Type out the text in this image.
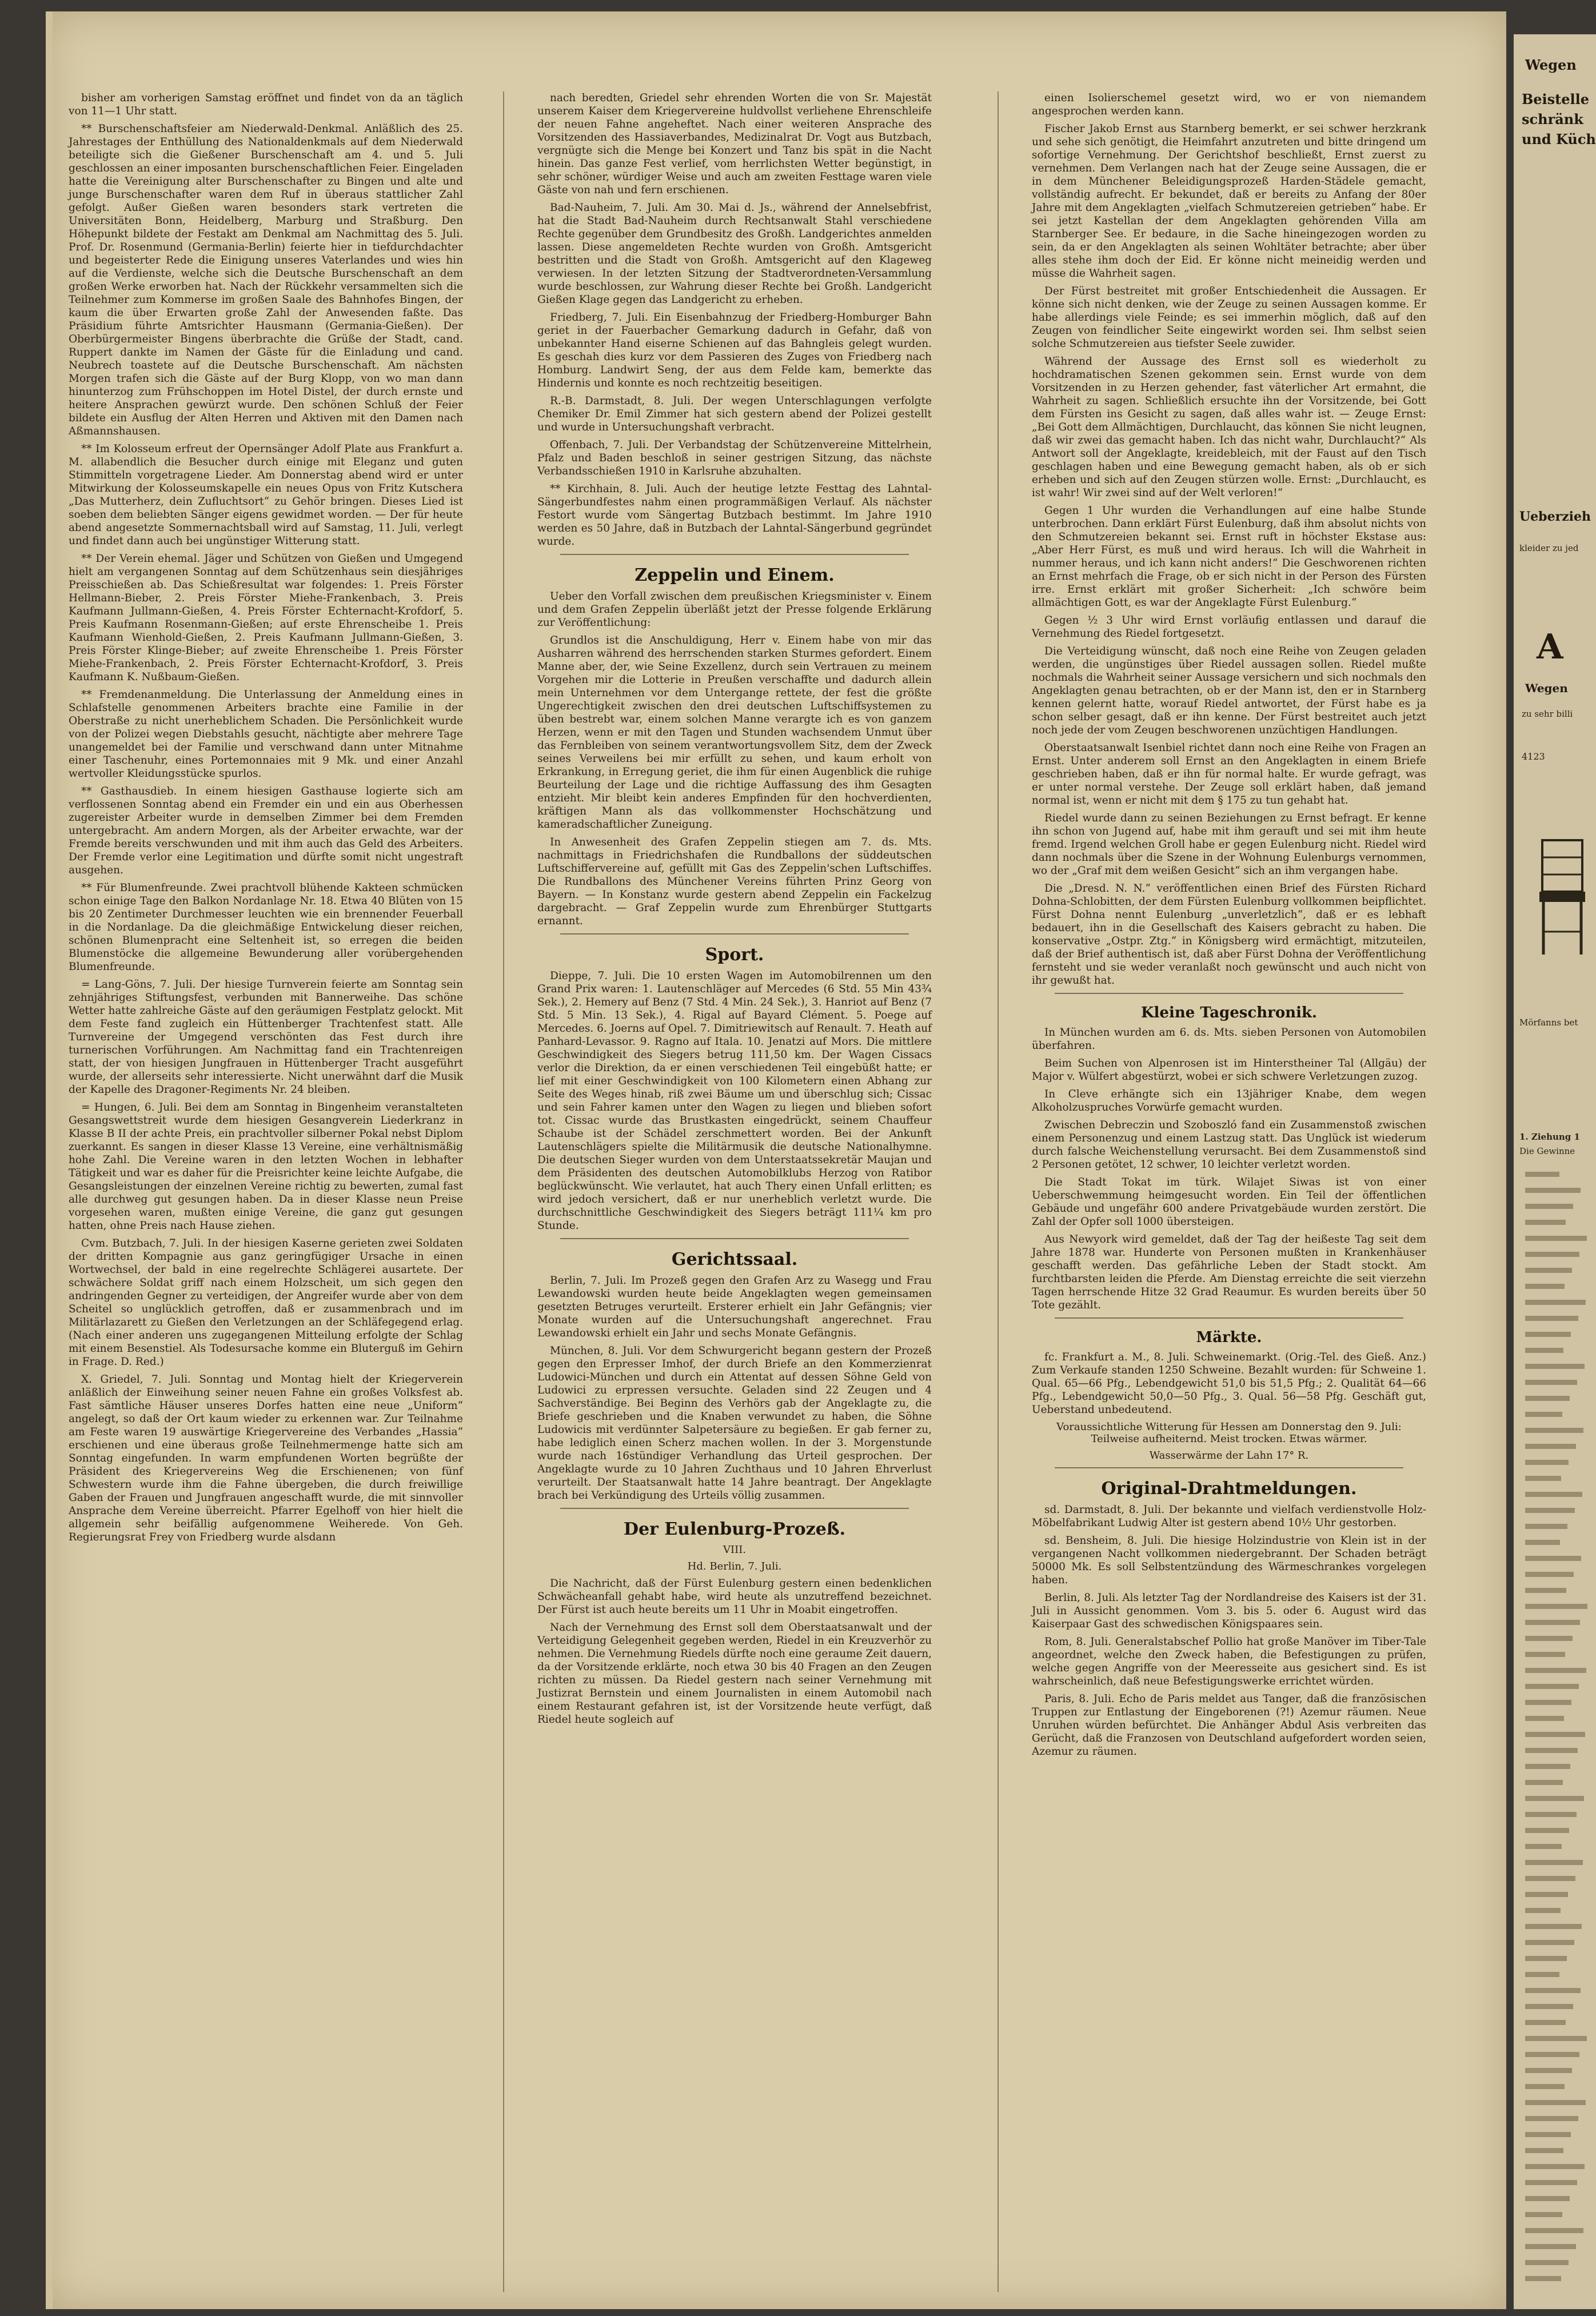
bisher am vorherigen Samstag eröffnet und findet von da an täglich von 11—1 Uhr statt.

** Burschenschaftsfeier am Niederwald-Denkmal. Anläßlich des 25. Jahrestages der Enthüllung des Nationaldenkmals auf dem Niederwald beteiligte sich die Gießener Burschenschaft am 4. und 5. Juli geschlossen an einer imposanten burschenschaftlichen Feier. Eingeladen hatte die Vereinigung alter Burschenschafter zu Bingen und alte und junge Burschenschafter waren dem Ruf in überaus stattlicher Zahl gefolgt. Außer Gießen waren besonders stark vertreten die Universitäten Bonn, Heidelberg, Marburg und Straßburg. Den Höhepunkt bildete der Festakt am Denkmal am Nachmittag des 5. Juli. Prof. Dr. Rosenmund (Germania-Berlin) feierte hier in tiefdurchdachter und begeisterter Rede die Einigung unseres Vaterlandes und wies hin auf die Verdienste, welche sich die Deutsche Burschenschaft an dem großen Werke erworben hat. Nach der Rückkehr versammelten sich die Teilnehmer zum Kommerse im großen Saale des Bahnhofes Bingen, der kaum die über Erwarten große Zahl der Anwesenden faßte. Das Präsidium führte Amtsrichter Hausmann (Germania-Gießen). Der Oberbürgermeister Bingens überbrachte die Grüße der Stadt, cand. Ruppert dankte im Namen der Gäste für die Einladung und cand. Neubrech toastete auf die Deutsche Burschenschaft. Am nächsten Morgen trafen sich die Gäste auf der Burg Klopp, von wo man dann hinunterzog zum Frühschoppen im Hotel Distel, der durch ernste und heitere Ansprachen gewürzt wurde. Den schönen Schluß der Feier bildete ein Ausflug der Alten Herren und Aktiven mit den Damen nach Aßmannshausen.

** Im Kolosseum erfreut der Opernsänger Adolf Plate aus Frankfurt a. M. allabendlich die Besucher durch einige mit Eleganz und guten Stimmitteln vorgetragene Lieder. Am Donnerstag abend wird er unter Mitwirkung der Kolosseumskapelle ein neues Opus von Fritz Kutschera „Das Mutterherz, dein Zufluchtsort“ zu Gehör bringen. Dieses Lied ist soeben dem beliebten Sänger eigens gewidmet worden. — Der für heute abend angesetzte Sommernachtsball wird auf Samstag, 11. Juli, verlegt und findet dann auch bei ungünstiger Witterung statt.

** Der Verein ehemal. Jäger und Schützen von Gießen und Umgegend hielt am vergangenen Sonntag auf dem Schützenhaus sein diesjähriges Preisschießen ab. Das Schießresultat war folgendes: 1. Preis Förster Hellmann-Bieber, 2. Preis Förster Miehe-Frankenbach, 3. Preis Kaufmann Jullmann-Gießen, 4. Preis Förster Echternacht-Krofdorf, 5. Preis Kaufmann Rosenmann-Gießen; auf erste Ehrenscheibe 1. Preis Kaufmann Wienhold-Gießen, 2. Preis Kaufmann Jullmann-Gießen, 3. Preis Förster Klinge-Bieber; auf zweite Ehrenscheibe 1. Preis Förster Miehe-Frankenbach, 2. Preis Förster Echternacht-Krofdorf, 3. Preis Kaufmann K. Nußbaum-Gießen.

** Fremdenanmeldung. Die Unterlassung der Anmeldung eines in Schlafstelle genommenen Arbeiters brachte eine Familie in der Oberstraße zu nicht unerheblichem Schaden. Die Persönlichkeit wurde von der Polizei wegen Diebstahls gesucht, nächtigte aber mehrere Tage unangemeldet bei der Familie und verschwand dann unter Mitnahme einer Taschenuhr, eines Portemonnaies mit 9 Mk. und einer Anzahl wertvoller Kleidungsstücke spurlos.

** Gasthausdieb. In einem hiesigen Gasthause logierte sich am verflossenen Sonntag abend ein Fremder ein und ein aus Oberhessen zugereister Arbeiter wurde in demselben Zimmer bei dem Fremden untergebracht. Am andern Morgen, als der Arbeiter erwachte, war der Fremde bereits verschwunden und mit ihm auch das Geld des Arbeiters. Der Fremde verlor eine Legitimation und dürfte somit nicht ungestraft ausgehen.

** Für Blumenfreunde. Zwei prachtvoll blühende Kakteen schmücken schon einige Tage den Balkon Nordanlage Nr. 18. Etwa 40 Blüten von 15 bis 20 Zentimeter Durchmesser leuchten wie ein brennender Feuerball in die Nordanlage. Da die gleichmäßige Entwickelung dieser reichen, schönen Blumenpracht eine Seltenheit ist, so erregen die beiden Blumenstöcke die allgemeine Bewunderung aller vorübergehenden Blumenfreunde.

= Lang-Göns, 7. Juli. Der hiesige Turnverein feierte am Sonntag sein zehnjähriges Stiftungsfest, verbunden mit Bannerweihe. Das schöne Wetter hatte zahlreiche Gäste auf den geräumigen Festplatz gelockt. Mit dem Feste fand zugleich ein Hüttenberger Trachtenfest statt. Alle Turnvereine der Umgegend verschönten das Fest durch ihre turnerischen Vorführungen. Am Nachmittag fand ein Trachtenreigen statt, der von hiesigen Jungfrauen in Hüttenberger Tracht ausgeführt wurde, der allerseits sehr interessierte. Nicht unerwähnt darf die Musik der Kapelle des Dragoner-Regiments Nr. 24 bleiben.

= Hungen, 6. Juli. Bei dem am Sonntag in Bingenheim veranstalteten Gesangswettstreit wurde dem hiesigen Gesangverein Liederkranz in Klasse B II der achte Preis, ein prachtvoller silberner Pokal nebst Diplom zuerkannt. Es sangen in dieser Klasse 13 Vereine, eine verhältnismäßig hohe Zahl. Die Vereine waren in den letzten Wochen in lebhafter Tätigkeit und war es daher für die Preisrichter keine leichte Aufgabe, die Gesangsleistungen der einzelnen Vereine richtig zu bewerten, zumal fast alle durchweg gut gesungen haben. Da in dieser Klasse neun Preise vorgesehen waren, mußten einige Vereine, die ganz gut gesungen hatten, ohne Preis nach Hause ziehen.

Cvm. Butzbach, 7. Juli. In der hiesigen Kaserne gerieten zwei Soldaten der dritten Kompagnie aus ganz geringfügiger Ursache in einen Wortwechsel, der bald in eine regelrechte Schlägerei ausartete. Der schwächere Soldat griff nach einem Holzscheit, um sich gegen den andringenden Gegner zu verteidigen, der Angreifer wurde aber von dem Scheitel so unglücklich getroffen, daß er zusammenbrach und im Militärlazarett zu Gießen den Verletzungen an der Schläfegegend erlag. (Nach einer anderen uns zugegangenen Mitteilung erfolgte der Schlag mit einem Besenstiel. Als Todesursache komme ein Bluterguß im Gehirn in Frage. D. Red.)

X. Griedel, 7. Juli. Sonntag und Montag hielt der Kriegerverein anläßlich der Einweihung seiner neuen Fahne ein großes Volksfest ab. Fast sämtliche Häuser unseres Dorfes hatten eine neue „Uniform“ angelegt, so daß der Ort kaum wieder zu erkennen war. Zur Teilnahme am Feste waren 19 auswärtige Kriegervereine des Verbandes „Hassia“ erschienen und eine überaus große Teilnehmermenge hatte sich am Sonntag eingefunden. In warm empfundenen Worten begrüßte der Präsident des Kriegervereins Weg die Erschienenen; von fünf Schwestern wurde ihm die Fahne übergeben, die durch freiwillige Gaben der Frauen und Jungfrauen angeschafft wurde, die mit sinnvoller Ansprache dem Vereine überreicht. Pfarrer Egelhoff von hier hielt die allgemein sehr beifällig aufgenommene Weiherede. Von Geh. Regierungsrat Frey von Friedberg wurde alsdann

nach beredten, Griedel sehr ehrenden Worten die von Sr. Majestät unserem Kaiser dem Kriegervereine huldvollst verliehene Ehrenschleife der neuen Fahne angeheftet. Nach einer weiteren Ansprache des Vorsitzenden des Hassiaverbandes, Medizinalrat Dr. Vogt aus Butzbach, vergnügte sich die Menge bei Konzert und Tanz bis spät in die Nacht hinein. Das ganze Fest verlief, vom herrlichsten Wetter begünstigt, in sehr schöner, würdiger Weise und auch am zweiten Festtage waren viele Gäste von nah und fern erschienen.

Bad-Nauheim, 7. Juli. Am 30. Mai d. Js., während der Annelsebfrist, hat die Stadt Bad-Nauheim durch Rechtsanwalt Stahl verschiedene Rechte gegenüber dem Grundbesitz des Großh. Landgerichtes anmelden lassen. Diese angemeldeten Rechte wurden von Großh. Amtsgericht bestritten und die Stadt von Großh. Amtsgericht auf den Klageweg verwiesen. In der letzten Sitzung der Stadtverordneten-Versammlung wurde beschlossen, zur Wahrung dieser Rechte bei Großh. Landgericht Gießen Klage gegen das Landgericht zu erheben.

Friedberg, 7. Juli. Ein Eisenbahnzug der Friedberg-Homburger Bahn geriet in der Fauerbacher Gemarkung dadurch in Gefahr, daß von unbekannter Hand eiserne Schienen auf das Bahngleis gelegt wurden. Es geschah dies kurz vor dem Passieren des Zuges von Friedberg nach Homburg. Landwirt Seng, der aus dem Felde kam, bemerkte das Hindernis und konnte es noch rechtzeitig beseitigen.

R.-B. Darmstadt, 8. Juli. Der wegen Unterschlagungen verfolgte Chemiker Dr. Emil Zimmer hat sich gestern abend der Polizei gestellt und wurde in Untersuchungshaft verbracht.

Offenbach, 7. Juli. Der Verbandstag der Schützenvereine Mittelrhein, Pfalz und Baden beschloß in seiner gestrigen Sitzung, das nächste Verbandsschießen 1910 in Karlsruhe abzuhalten.

** Kirchhain, 8. Juli. Auch der heutige letzte Festtag des Lahntal-Sängerbundfestes nahm einen programmäßigen Verlauf. Als nächster Festort wurde vom Sängertag Butzbach bestimmt. Im Jahre 1910 werden es 50 Jahre, daß in Butzbach der Lahntal-Sängerbund gegründet wurde.

Zeppelin und Einem.

Ueber den Vorfall zwischen dem preußischen Kriegsminister v. Einem und dem Grafen Zeppelin überläßt jetzt der Presse folgende Erklärung zur Veröffentlichung:

Grundlos ist die Anschuldigung, Herr v. Einem habe von mir das Ausharren während des herrschenden starken Sturmes gefordert. Einem Manne aber, der, wie Seine Exzellenz, durch sein Vertrauen zu meinem Vorgehen mir die Lotterie in Preußen verschaffte und dadurch allein mein Unternehmen vor dem Untergange rettete, der fest die größte Ungerechtigkeit zwischen den drei deutschen Luftschiffsystemen zu üben bestrebt war, einem solchen Manne verargte ich es von ganzem Herzen, wenn er mit den Tagen und Stunden wachsendem Unmut über das Fernbleiben von seinem verantwortungsvollem Sitz, dem der Zweck seines Verweilens bei mir erfüllt zu sehen, und kaum erholt von Erkrankung, in Erregung geriet, die ihm für einen Augenblick die ruhige Beurteilung der Lage und die richtige Auffassung des ihm Gesagten entzieht. Mir bleibt kein anderes Empfinden für den hochverdienten, kräftigen Mann als das vollkommenster Hochschätzung und kameradschaftlicher Zuneigung.

In Anwesenheit des Grafen Zeppelin stiegen am 7. ds. Mts. nachmittags in Friedrichshafen die Rundballons der süddeutschen Luftschiffervereine auf, gefüllt mit Gas des Zeppelin'schen Luftschiffes. Die Rundballons des Münchener Vereins führten Prinz Georg von Bayern. — In Konstanz wurde gestern abend Zeppelin ein Fackelzug dargebracht. — Graf Zeppelin wurde zum Ehrenbürger Stuttgarts ernannt.

Sport.

Dieppe, 7. Juli. Die 10 ersten Wagen im Automobilrennen um den Grand Prix waren: 1. Lautenschläger auf Mercedes (6 Std. 55 Min 43¾ Sek.), 2. Hemery auf Benz (7 Std. 4 Min. 24 Sek.), 3. Hanriot auf Benz (7 Std. 5 Min. 13 Sek.), 4. Rigal auf Bayard Clément. 5. Poege auf Mercedes. 6. Joerns auf Opel. 7. Dimitriewitsch auf Renault. 7. Heath auf Panhard-Levassor. 9. Ragno auf Itala. 10. Jenatzi auf Mors. Die mittlere Geschwindigkeit des Siegers betrug 111,50 km. Der Wagen Cissacs verlor die Direktion, da er einen verschiedenen Teil eingebüßt hatte; er lief mit einer Geschwindigkeit von 100 Kilometern einen Abhang zur Seite des Weges hinab, riß zwei Bäume um und überschlug sich; Cissac und sein Fahrer kamen unter den Wagen zu liegen und blieben sofort tot. Cissac wurde das Brustkasten eingedrückt, seinem Chauffeur Schaube ist der Schädel zerschmettert worden. Bei der Ankunft Lautenschlägers spielte die Militärmusik die deutsche Nationalhymne. Die deutschen Sieger wurden von dem Unterstaatssekretär Maujan und dem Präsidenten des deutschen Automobilklubs Herzog von Ratibor beglückwünscht. Wie verlautet, hat auch Thery einen Unfall erlitten; es wird jedoch versichert, daß er nur unerheblich verletzt wurde. Die durchschnittliche Geschwindigkeit des Siegers beträgt 111¼ km pro Stunde.

Gerichtssaal.

Berlin, 7. Juli. Im Prozeß gegen den Grafen Arz zu Wasegg und Frau Lewandowski wurden heute beide Angeklagten wegen gemeinsamen gesetzten Betruges verurteilt. Ersterer erhielt ein Jahr Gefängnis; vier Monate wurden auf die Untersuchungshaft angerechnet. Frau Lewandowski erhielt ein Jahr und sechs Monate Gefängnis.

München, 8. Juli. Vor dem Schwurgericht begann gestern der Prozeß gegen den Erpresser Imhof, der durch Briefe an den Kommerzienrat Ludowici-München und durch ein Attentat auf dessen Söhne Geld von Ludowici zu erpressen versuchte. Geladen sind 22 Zeugen und 4 Sachverständige. Bei Beginn des Verhörs gab der Angeklagte zu, die Briefe geschrieben und die Knaben verwundet zu haben, die Söhne Ludowicis mit verdünnter Salpetersäure zu begießen. Er gab ferner zu, habe lediglich einen Scherz machen wollen. In der 3. Morgenstunde wurde nach 16stündiger Verhandlung das Urteil gesprochen. Der Angeklagte wurde zu 10 Jahren Zuchthaus und 10 Jahren Ehrverlust verurteilt. Der Staatsanwalt hatte 14 Jahre beantragt. Der Angeklagte brach bei Verkündigung des Urteils völlig zusammen.

Der Eulenburg-Prozeß.
VIII.
Hd. Berlin, 7. Juli.

Die Nachricht, daß der Fürst Eulenburg gestern einen bedenklichen Schwächeanfall gehabt habe, wird heute als unzutreffend bezeichnet. Der Fürst ist auch heute bereits um 11 Uhr in Moabit eingetroffen.

Nach der Vernehmung des Ernst soll dem Oberstaatsanwalt und der Verteidigung Gelegenheit gegeben werden, Riedel in ein Kreuzverhör zu nehmen. Die Vernehmung Riedels dürfte noch eine geraume Zeit dauern, da der Vorsitzende erklärte, noch etwa 30 bis 40 Fragen an den Zeugen richten zu müssen. Da Riedel gestern nach seiner Vernehmung mit Justizrat Bernstein und einem Journalisten in einem Automobil nach einem Restaurant gefahren ist, ist der Vorsitzende heute verfügt, daß Riedel heute sogleich auf

einen Isolierschemel gesetzt wird, wo er von niemandem angesprochen werden kann.

Fischer Jakob Ernst aus Starnberg bemerkt, er sei schwer herzkrank und sehe sich genötigt, die Heimfahrt anzutreten und bitte dringend um sofortige Vernehmung. Der Gerichtshof beschließt, Ernst zuerst zu vernehmen. Dem Verlangen nach hat der Zeuge seine Aussagen, die er in dem Münchener Beleidigungsprozeß Harden-Städele gemacht, vollständig aufrecht. Er bekundet, daß er bereits zu Anfang der 80er Jahre mit dem Angeklagten „vielfach Schmutzereien getrieben“ habe. Er sei jetzt Kastellan der dem Angeklagten gehörenden Villa am Starnberger See. Er bedaure, in die Sache hineingezogen worden zu sein, da er den Angeklagten als seinen Wohltäter betrachte; aber über alles stehe ihm doch der Eid. Er könne nicht meineidig werden und müsse die Wahrheit sagen.

Der Fürst bestreitet mit großer Entschiedenheit die Aussagen. Er könne sich nicht denken, wie der Zeuge zu seinen Aussagen komme. Er habe allerdings viele Feinde; es sei immerhin möglich, daß auf den Zeugen von feindlicher Seite eingewirkt worden sei. Ihm selbst seien solche Schmutzereien aus tiefster Seele zuwider.

Während der Aussage des Ernst soll es wiederholt zu hochdramatischen Szenen gekommen sein. Ernst wurde von dem Vorsitzenden in zu Herzen gehender, fast väterlicher Art ermahnt, die Wahrheit zu sagen. Schließlich ersuchte ihn der Vorsitzende, bei Gott dem Fürsten ins Gesicht zu sagen, daß alles wahr ist. — Zeuge Ernst: „Bei Gott dem Allmächtigen, Durchlaucht, das können Sie nicht leugnen, daß wir zwei das gemacht haben. Ich das nicht wahr, Durchlaucht?“ Als Antwort soll der Angeklagte, kreidebleich, mit der Faust auf den Tisch geschlagen haben und eine Bewegung gemacht haben, als ob er sich erheben und sich auf den Zeugen stürzen wolle. Ernst: „Durchlaucht, es ist wahr! Wir zwei sind auf der Welt verloren!“

Gegen 1 Uhr wurden die Verhandlungen auf eine halbe Stunde unterbrochen. Dann erklärt Fürst Eulenburg, daß ihm absolut nichts von den Schmutzereien bekannt sei. Ernst ruft in höchster Ekstase aus: „Aber Herr Fürst, es muß und wird heraus. Ich will die Wahrheit in nummer heraus, und ich kann nicht anders!“ Die Geschworenen richten an Ernst mehrfach die Frage, ob er sich nicht in der Person des Fürsten irre. Ernst erklärt mit großer Sicherheit: „Ich schwöre beim allmächtigen Gott, es war der Angeklagte Fürst Eulenburg.“

Gegen ½ 3 Uhr wird Ernst vorläufig entlassen und darauf die Vernehmung des Riedel fortgesetzt.

Die Verteidigung wünscht, daß noch eine Reihe von Zeugen geladen werden, die ungünstiges über Riedel aussagen sollen. Riedel mußte nochmals die Wahrheit seiner Aussage versichern und sich nochmals den Angeklagten genau betrachten, ob er der Mann ist, den er in Starnberg kennen gelernt hatte, worauf Riedel antwortet, der Fürst habe es ja schon selber gesagt, daß er ihn kenne. Der Fürst bestreitet auch jetzt noch jede der vom Zeugen beschworenen unzüchtigen Handlungen.

Oberstaatsanwalt Isenbiel richtet dann noch eine Reihe von Fragen an Ernst. Unter anderem soll Ernst an den Angeklagten in einem Briefe geschrieben haben, daß er ihn für normal halte. Er wurde gefragt, was er unter normal verstehe. Der Zeuge soll erklärt haben, daß jemand normal ist, wenn er nicht mit dem § 175 zu tun gehabt hat.

Riedel wurde dann zu seinen Beziehungen zu Ernst befragt. Er kenne ihn schon von Jugend auf, habe mit ihm gerauft und sei mit ihm heute fremd. Irgend welchen Groll habe er gegen Eulenburg nicht. Riedel wird dann nochmals über die Szene in der Wohnung Eulenburgs vernommen, wo der „Graf mit dem weißen Gesicht“ sich an ihm vergangen habe.

Die „Dresd. N. N.“ veröffentlichen einen Brief des Fürsten Richard Dohna-Schlobitten, der dem Fürsten Eulenburg vollkommen beipflichtet. Fürst Dohna nennt Eulenburg „unverletzlich“, daß er es lebhaft bedauert, ihn in die Gesellschaft des Kaisers gebracht zu haben. Die konservative „Ostpr. Ztg.“ in Königsberg wird ermächtigt, mitzuteilen, daß der Brief authentisch ist, daß aber Fürst Dohna der Veröffentlichung fernsteht und sie weder veranlaßt noch gewünscht und auch nicht von ihr gewußt hat.

Kleine Tageschronik.

In München wurden am 6. ds. Mts. sieben Personen von Automobilen überfahren.

Beim Suchen von Alpenrosen ist im Hinterstheiner Tal (Allgäu) der Major v. Wülfert abgestürzt, wobei er sich schwere Verletzungen zuzog.

In Cleve erhängte sich ein 13jähriger Knabe, dem wegen Alkoholzuspruches Vorwürfe gemacht wurden.

Zwischen Debreczin und Szoboszló fand ein Zusammenstoß zwischen einem Personenzug und einem Lastzug statt. Das Unglück ist wiederum durch falsche Weichenstellung verursacht. Bei dem Zusammenstoß sind 2 Personen getötet, 12 schwer, 10 leichter verletzt worden.

Die Stadt Tokat im türk. Wilajet Siwas ist von einer Ueberschwemmung heimgesucht worden. Ein Teil der öffentlichen Gebäude und ungefähr 600 andere Privatgebäude wurden zerstört. Die Zahl der Opfer soll 1000 übersteigen.

Aus Newyork wird gemeldet, daß der Tag der heißeste Tag seit dem Jahre 1878 war. Hunderte von Personen mußten in Krankenhäuser geschafft werden. Das gefährliche Leben der Stadt stockt. Am furchtbarsten leiden die Pferde. Am Dienstag erreichte die seit vierzehn Tagen herrschende Hitze 32 Grad Reaumur. Es wurden bereits über 50 Tote gezählt.

Märkte.

fc. Frankfurt a. M., 8. Juli. Schweinemarkt. (Orig.-Tel. des Gieß. Anz.) Zum Verkaufe standen 1250 Schweine. Bezahlt wurden: für Schweine 1. Qual. 65—66 Pfg., Lebendgewicht 51,0 bis 51,5 Pfg.; 2. Qualität 64—66 Pfg., Lebendgewicht 50,0—50 Pfg., 3. Qual. 56—58 Pfg. Geschäft gut, Ueberstand unbedeutend.

Voraussichtliche Witterung für Hessen am Donnerstag den 9. Juli: Teilweise aufheiternd. Meist trocken. Etwas wärmer.
Wasserwärme der Lahn 17° R.
Original-Drahtmeldungen.

sd. Darmstadt, 8. Juli. Der bekannte und vielfach verdienstvolle Holz-Möbelfabrikant Ludwig Alter ist gestern abend 10½ Uhr gestorben.

sd. Bensheim, 8. Juli. Die hiesige Holzindustrie von Klein ist in der vergangenen Nacht vollkommen niedergebrannt. Der Schaden beträgt 50000 Mk. Es soll Selbstentzündung des Wärmeschrankes vorgelegen haben.

Berlin, 8. Juli. Als letzter Tag der Nordlandreise des Kaisers ist der 31. Juli in Aussicht genommen. Vom 3. bis 5. oder 6. August wird das Kaiserpaar Gast des schwedischen Königspaares sein.

Rom, 8. Juli. Generalstabschef Pollio hat große Manöver im Tiber-Tale angeordnet, welche den Zweck haben, die Befestigungen zu prüfen, welche gegen Angriffe von der Meeresseite aus gesichert sind. Es ist wahrscheinlich, daß neue Befestigungswerke errichtet würden.

Paris, 8. Juli. Echo de Paris meldet aus Tanger, daß die französischen Truppen zur Entlastung der Eingeborenen (?!) Azemur räumen. Neue Unruhen würden befürchtet. Die Anhänger Abdul Asis verbreiten das Gerücht, daß die Franzosen von Deutschland aufgefordert worden seien, Azemur zu räumen.

Wegen
Beistelle
schränk
und Küch
Ueberzieh
kleider zu jed
A
Wegen
zu sehr billi
4123
Mörfanns bet
1. Ziehung 1
Die Gewinne
